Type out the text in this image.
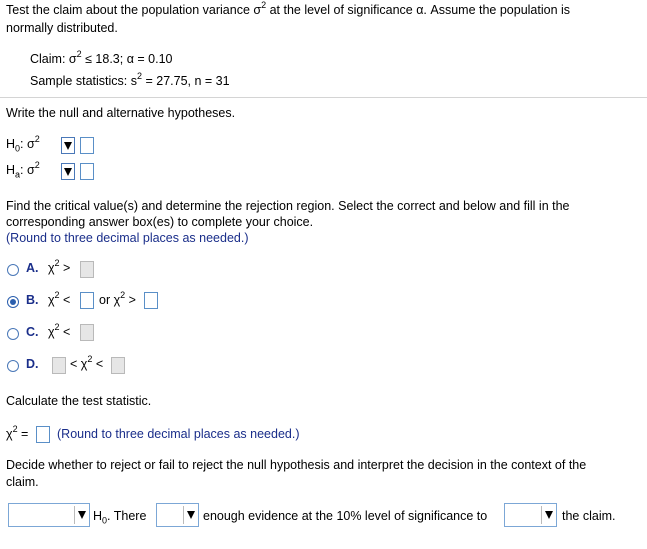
Test the claim about the population variance $\sigma^2$ at the level of significance α. Assume the population is
normally distributed.
Claim: $\sigma^2 \le 18.3$; α = 0.10
Sample statistics: $s^2 = 27.75$, n = 31
Write the null and alternative hypotheses.
$H_0$: $\sigma^2$
$H_a$: $\sigma^2$
Find the critical value(s) and determine the rejection region. Select the correct and below and fill in the
corresponding answer box(es) to complete your choice.
(Round to three decimal places as needed.)
A. $\chi^2$ >
B. $\chi^2$ < or $\chi^2$ >
C. $\chi^2$ <
D.	< $\chi^2$ <
Calculate the test statistic.
$\chi^2$ = (Round to three decimal places as needed.)
Decide whether to reject or fail to reject the null hypothesis and interpret the decision in the context of the
claim.
$H_0$. There	enough evidence at the 10% level of significance to	the claim.
